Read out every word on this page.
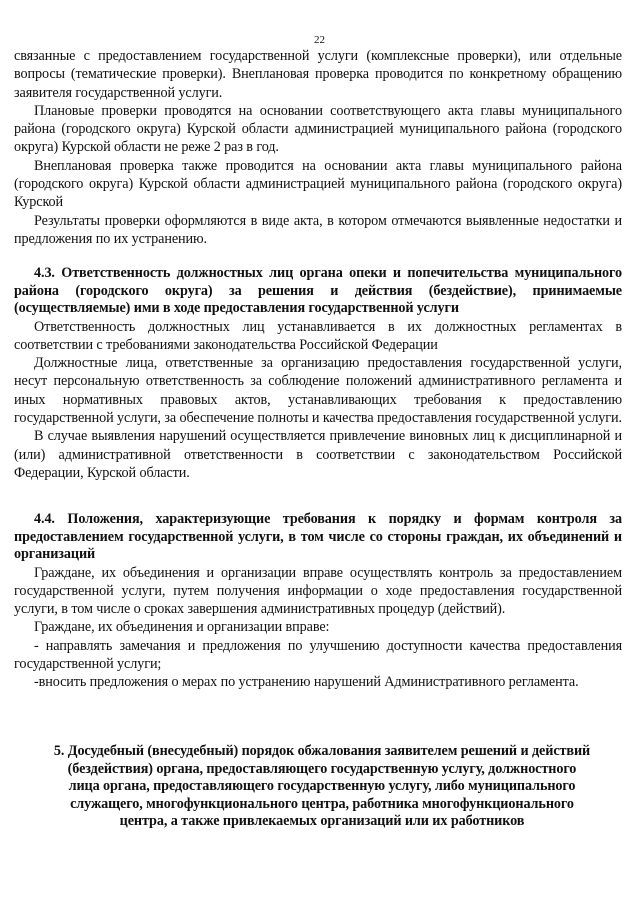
22

связанные с предоставлением государственной услуги (комплексные проверки), или отдельные вопросы (тематические проверки). Внеплановая проверка проводится по конкретному обращению заявителя государственной услуги.

Плановые проверки проводятся на основании соответствующего акта главы муниципального района (городского округа) Курской области администрацией муниципального района (городского округа) Курской области не реже 2 раз в год.

Внеплановая проверка также проводится на основании акта главы муниципального района (городского округа) Курской области администрацией муниципального района (городского округа) Курской

Результаты проверки оформляются в виде акта, в котором отмечаются выявленные недостатки и предложения по их устранению.

4.3. Ответственность должностных лиц органа опеки и попечительства муниципального района (городского округа) за решения и действия (бездействие), принимаемые (осуществляемые) ими в ходе предоставления государственной услуги

Ответственность должностных лиц устанавливается в их должностных регламентах в соответствии с требованиями законодательства Российской Федерации

Должностные лица, ответственные за организацию предоставления государственной услуги, несут персональную ответственность за соблюдение положений административного регламента и иных нормативных правовых актов, устанавливающих требования к предоставлению государственной услуги, за обеспечение полноты и качества предоставления государственной услуги.

В случае выявления нарушений осуществляется привлечение виновных лиц к дисциплинарной и (или) административной ответственности в соответствии с законодательством Российской Федерации, Курской области.

4.4. Положения, характеризующие требования к порядку и формам контроля за предоставлением государственной услуги, в том числе со стороны граждан, их объединений и организаций

Граждане, их объединения и организации вправе осуществлять контроль за предоставлением государственной услуги, путем получения информации о ходе предоставления государственной услуги, в том числе о сроках завершения административных процедур (действий).

Граждане, их объединения и организации вправе:

- направлять замечания и предложения по улучшению доступности качества предоставления государственной услуги;

-вносить предложения о мерах по устранению нарушений Административного регламента.

5. Досудебный (внесудебный) порядок обжалования заявителем решений и действий (бездействия) органа, предоставляющего государственную услугу, должностного лица органа, предоставляющего государственную услугу, либо муниципального служащего, многофункционального центра, работника многофункционального центра, а также привлекаемых организаций или их работников
